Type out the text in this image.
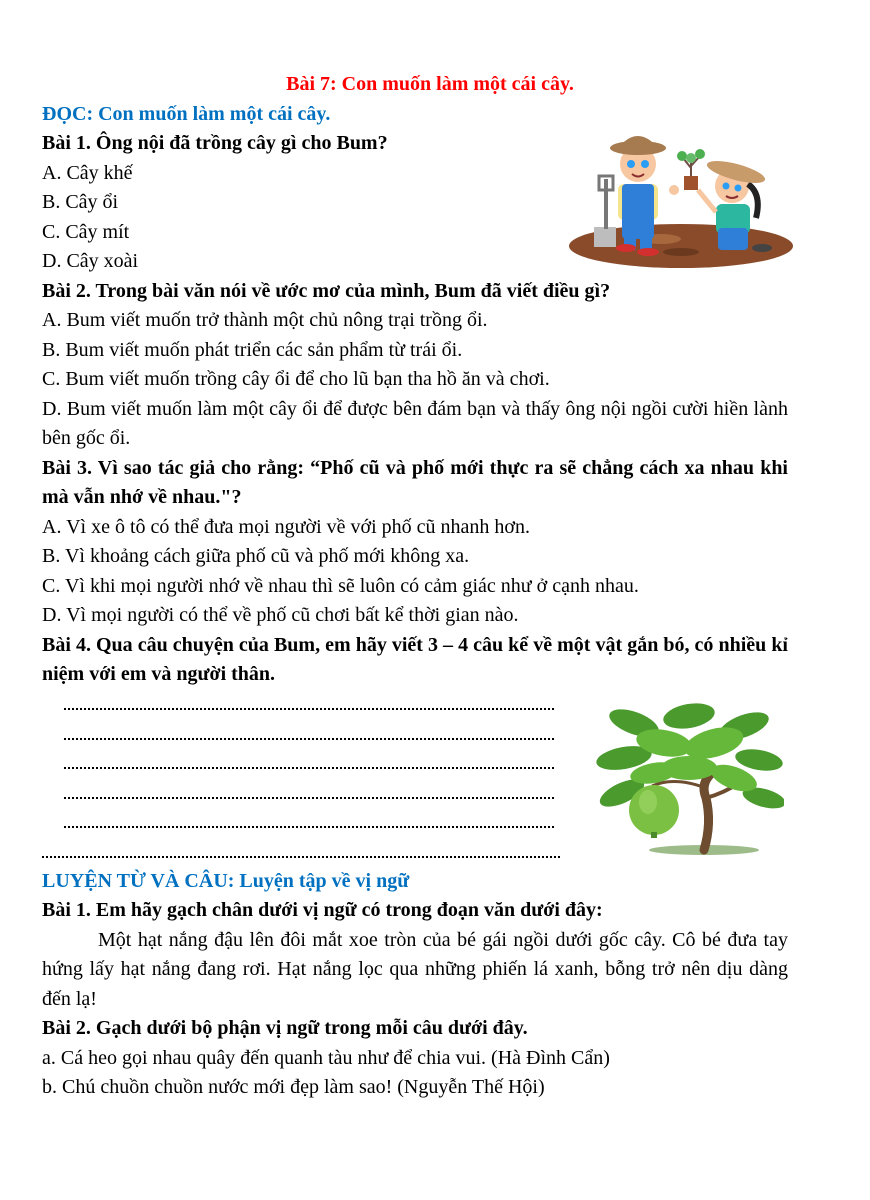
Bài 7: Con muốn làm một cái cây.
ĐỌC: Con muốn làm một cái cây.
Bài 1. Ông nội đã trồng cây gì cho Bum?
A. Cây khế
B. Cây ổi
C. Cây mít
D. Cây xoài
Bài 2. Trong bài văn nói về ước mơ của mình, Bum đã viết điều gì?
A. Bum viết muốn trở thành một chủ nông trại trồng ổi.
B. Bum viết muốn phát triển các sản phẩm từ trái ổi.
C. Bum viết muốn trồng cây ổi để cho lũ bạn tha hồ ăn và chơi.
D. Bum viết muốn làm một cây ổi để được bên đám bạn và thấy ông nội ngồi cười hiền lành bên gốc ổi.
Bài 3. Vì sao tác giả cho rằng: “Phố cũ và phố mới thực ra sẽ chẳng cách xa nhau khi mà vẫn nhớ về nhau."?
A. Vì xe ô tô có thể đưa mọi người về với phố cũ nhanh hơn.
B. Vì khoảng cách giữa phố cũ và phố mới không xa.
C. Vì khi mọi người nhớ về nhau thì sẽ luôn có cảm giác như ở cạnh nhau.
D. Vì mọi người có thể về phố cũ chơi bất kể thời gian nào.
Bài 4. Qua câu chuyện của Bum, em hãy viết 3 – 4 câu kể về một vật gắn bó, có nhiều kỉ niệm với em và người thân.
LUYỆN TỪ VÀ CÂU: Luyện tập về vị ngữ
Bài 1. Em hãy gạch chân dưới vị ngữ có trong đoạn văn dưới đây:
Một hạt nắng đậu lên đôi mắt xoe tròn của bé gái ngồi dưới gốc cây. Cô bé đưa tay hứng lấy hạt nắng đang rơi. Hạt nắng lọc qua những phiến lá xanh, bỗng trở nên dịu dàng đến lạ!
Bài 2. Gạch dưới bộ phận vị ngữ trong mỗi câu dưới đây.
a. Cá heo gọi nhau quây đến quanh tàu như để chia vui. (Hà Đình Cẩn)
b. Chú chuồn chuồn nước mới đẹp làm sao! (Nguyễn Thế Hội)
